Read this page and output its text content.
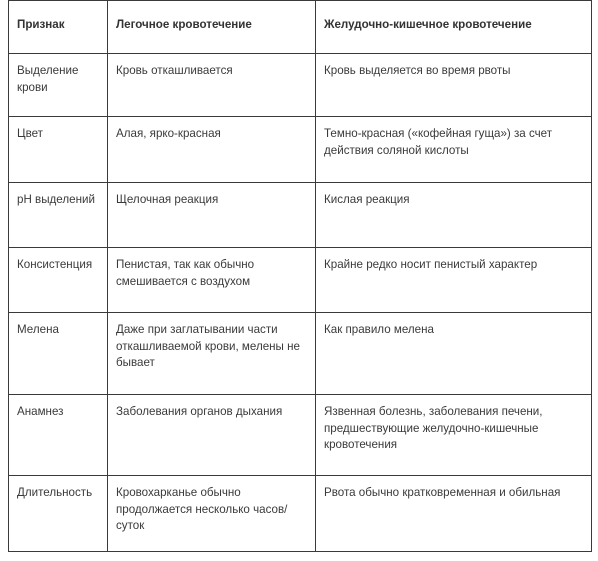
Признак	Легочное кровотечение	Желудочно-кишечное кровотечение
Выделение крови	Кровь откашливается	Кровь выделяется во время рвоты
Цвет	Алая, ярко-красная	Темно-красная («кофейная гуща») за счет действия соляной кислоты
pH выделений	Щелочная реакция	Кислая реакция
Консистенция	Пенистая, так как обычно смешивается с воздухом	Крайне редко носит пенистый характер
Мелена	Даже при заглатывании части откашливаемой крови, мелены не бывает	Как правило мелена
Анамнез	Заболевания органов дыхания	Язвенная болезнь, заболевания печени, предшествующие желудочно-кишечные кровотечения
Длительность	Кровохарканье обычно продолжается несколько часов/суток	Рвота обычно кратковременная и обильная
